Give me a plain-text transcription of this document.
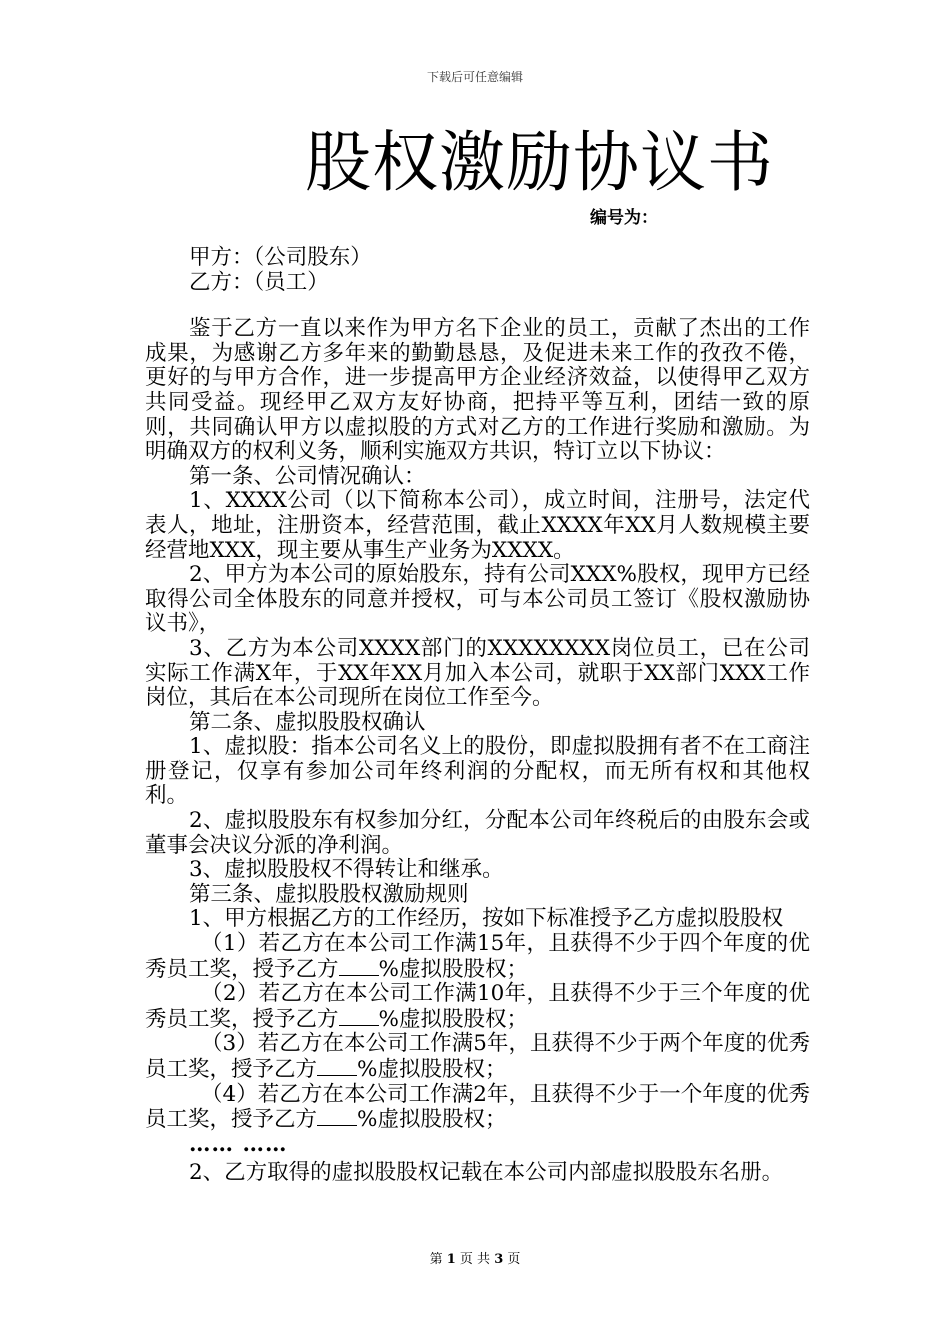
下载后可任意编辑
股权激励协议书
编号为：

甲方：（公司股东）

乙方：（员工）

鉴于乙方一直以来作为甲方名下企业的员工，贡献了杰出的工作成果，为感谢乙方多年来的勤勤恳恳，及促进未来工作的孜孜不倦，更好的与甲方合作，进一步提高甲方企业经济效益，以使得甲乙双方共同受益。现经甲乙双方友好协商，把持平等互利，团结一致的原则，共同确认甲方以虚拟股的方式对乙方的工作进行奖励和激励。为明确双方的权利义务，顺利实施双方共识，特订立以下协议：

第一条、公司情况确认：

1、XXXX公司（以下简称本公司），成立时间，注册号，法定代表人，地址，注册资本，经营范围，截止XXXX年XX月人数规模主要经营地XXX，现主要从事生产业务为XXXX。

2、甲方为本公司的原始股东，持有公司XXX%股权，现甲方已经取得公司全体股东的同意并授权，可与本公司员工签订《股权激励协议书》，

3、乙方为本公司XXXX部门的XXXXXXXX岗位员工，已在公司实际工作满X年，于XX年XX月加入本公司，就职于XX部门XXX工作岗位，其后在本公司现所在岗位工作至今。

第二条、虚拟股股权确认

1、虚拟股：指本公司名义上的股份，即虚拟股拥有者不在工商注册登记，仅享有参加公司年终利润的分配权，而无所有权和其他权利。

2、虚拟股股东有权参加分红，分配本公司年终税后的由股东会或董事会决议分派的净利润。

3、虚拟股股权不得转让和继承。

第三条、虚拟股股权激励规则

1、甲方根据乙方的工作经历，按如下标准授予乙方虚拟股股权

（1）若乙方在本公司工作满15年，且获得不少于四个年度的优秀员工奖，授予乙方 %虚拟股股权；

（2）若乙方在本公司工作满10年，且获得不少于三个年度的优秀员工奖，授予乙方 %虚拟股股权；

（3）若乙方在本公司工作满5年，且获得不少于两个年度的优秀员工奖，授予乙方 %虚拟股股权；

（4）若乙方在本公司工作满2年，且获得不少于一个年度的优秀员工奖，授予乙方 %虚拟股股权；

…… ……

2、乙方取得的虚拟股股权记载在本公司内部虚拟股股东名册。

第 1 页 共 3 页
